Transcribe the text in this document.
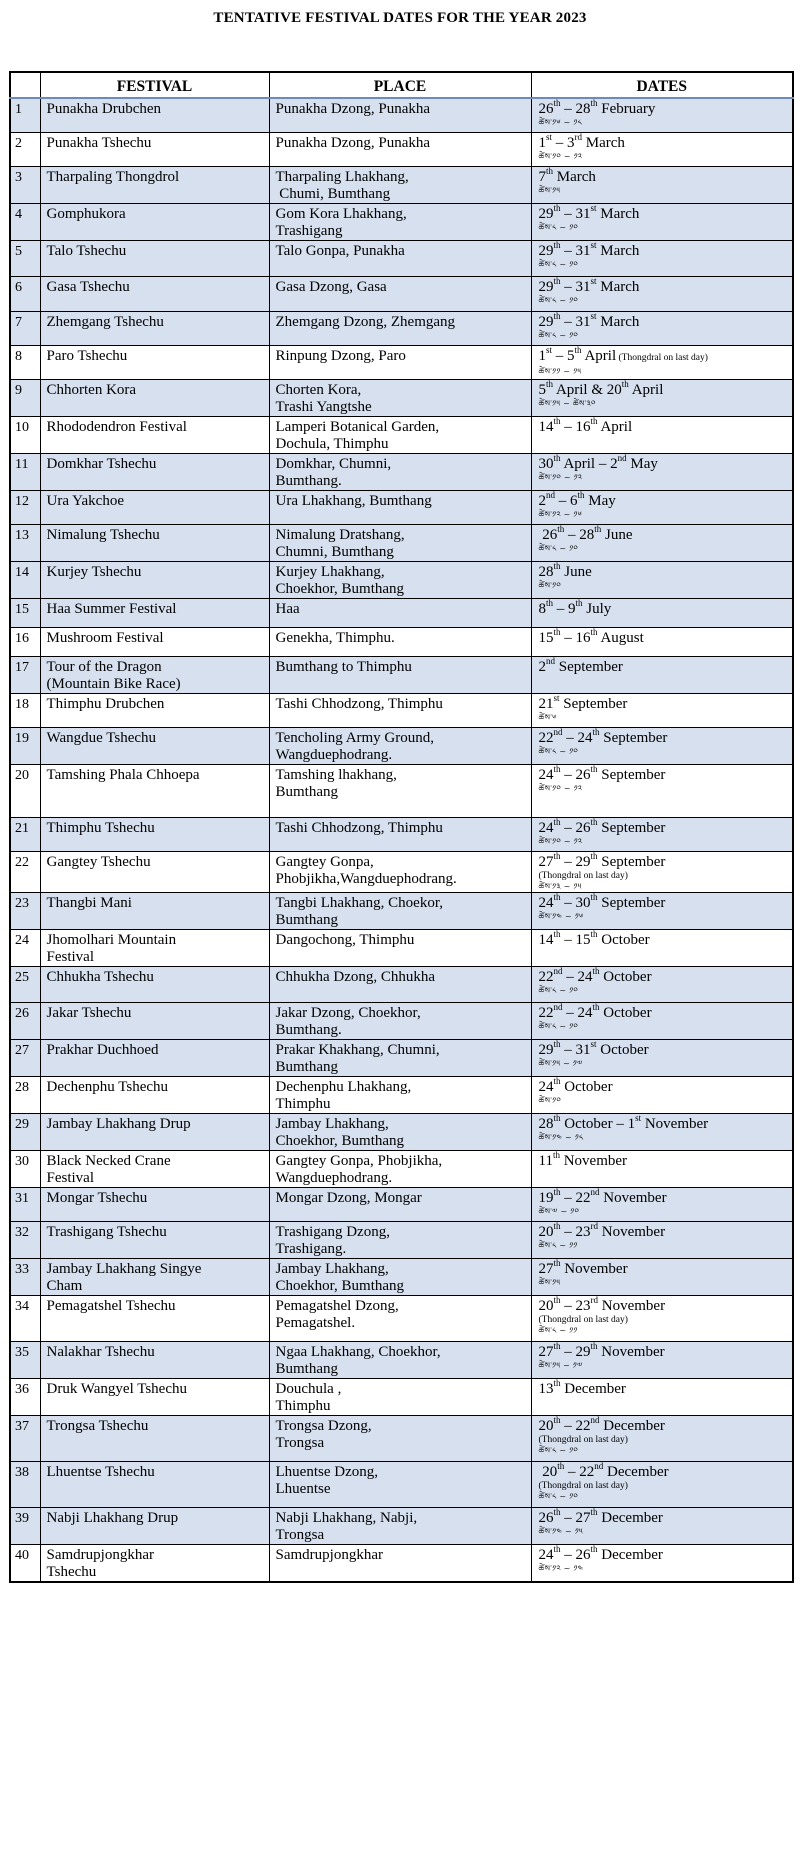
TENTATIVE FESTIVAL DATES FOR THE YEAR 2023
	FESTIVAL	PLACE	DATES
1	Punakha Drubchen	Punakha Dzong, Punakha	26th – 28th February
ཚེས་༡༦ ~ ༡༨

2	Punakha Tshechu	Punakha Dzong, Punakha	1st – 3rd March
ཚེས་༡༠ ~ ༡༢

3	Tharpaling Thongdrol	Tharpaling Lhakhang,
Chumi, Bumthang	7th March
ཚེས་༡༥

4	Gomphukora	Gom Kora Lhakhang,
Trashigang	29th – 31st March
ཚེས་༨ ~ ༡༠

5	Talo Tshechu	Talo Gonpa, Punakha	29th – 31st March
ཚེས་༨ ~ ༡༠

6	Gasa Tshechu	Gasa Dzong, Gasa	29th – 31st March
ཚེས་༨ ~ ༡༠

7	Zhemgang Tshechu	Zhemgang Dzong, Zhemgang	29th – 31st March
ཚེས་༨ ~ ༡༠

8	Paro Tshechu	Rinpung Dzong, Paro	1st – 5th April (Thongdral on last day)
ཚེས་༡༡ ~ ༡༥

9	Chhorten Kora	Chorten Kora,
Trashi Yangtshe	5th April & 20th April
ཚེས་༡༥ ~ ཚེས་༣༠

10	Rhododendron Festival	Lamperi Botanical Garden,
Dochula, Thimphu	14th – 16th April

11	Domkhar Tshechu	Domkhar, Chumni,
Bumthang.	30th April – 2nd May
ཚེས་༡༠ ~ ༡༢

12	Ura Yakchoe	Ura Lhakhang, Bumthang	2nd – 6th May
ཚེས་༡༢ ~ ༡༦

13	Nimalung Tshechu	Nimalung Dratshang,
Chumni, Bumthang	26th – 28th June
ཚེས་༨ ~ ༡༠

14	Kurjey Tshechu	Kurjey Lhakhang,
Choekhor, Bumthang	28th June
ཚེས་༡༠

15	Haa Summer Festival	Haa	8th – 9th July

16	Mushroom Festival	Genekha, Thimphu.	15th – 16th August

17	Tour of the Dragon
(Mountain Bike Race)	Bumthang to Thimphu	2nd September

18	Thimphu Drubchen	Tashi Chhodzong, Thimphu	21st September
ཚེས་༦

19	Wangdue Tshechu	Tencholing Army Ground,
Wangduephodrang.	22nd – 24th September
ཚེས་༨ ~ ༡༠

20	Tamshing Phala Chhoepa	Tamshing lhakhang,
Bumthang	24th – 26th September
ཚེས་༡༠ ~ ༡༢

21	Thimphu Tshechu	Tashi Chhodzong, Thimphu	24th – 26th September
ཚེས་༡༠ ~ ༡༢

22	Gangtey Tshechu	Gangtey Gonpa,
Phobjikha,Wangduephodrang.	27th – 29th September
(Thongdral on last day)
ཚེས་༡༣ ~ ༡༥

23	Thangbi Mani	Tangbi Lhakhang, Choekor,
Bumthang	24th – 30th September
ཚེས་༡༤ ~ ༡༦

24	Jhomolhari Mountain
Festival	Dangochong, Thimphu	14th – 15th October

25	Chhukha Tshechu	Chhukha Dzong, Chhukha	22nd – 24th October
ཚེས་༨ ~ ༡༠

26	Jakar Tshechu	Jakar Dzong, Choekhor,
Bumthang.	22nd – 24th October
ཚེས་༨ ~ ༡༠

27	Prakhar Duchhoed	Prakar Khakhang, Chumni,
Bumthang	29th – 31st October
ཚེས་༡༥ ~ ༡༧

28	Dechenphu Tshechu	Dechenphu Lhakhang,
Thimphu	24th October
ཚེས་༡༠

29	Jambay Lhakhang Drup	Jambay Lhakhang,
Choekhor, Bumthang	28th October – 1st November
ཚེས་༡༤ ~ ༡༨

30	Black Necked Crane
Festival	Gangtey Gonpa, Phobjikha,
Wangduephodrang.	11th November

31	Mongar Tshechu	Mongar Dzong, Mongar	19th – 22nd November
ཚེས་༧ ~ ༡༠

32	Trashigang Tshechu	Trashigang Dzong,
Trashigang.	20th – 23rd November
ཚེས་༨ ~ ༡༡

33	Jambay Lhakhang Singye
Cham	Jambay Lhakhang,
Choekhor, Bumthang	27th November
ཚེས་༡༥

34	Pemagatshel Tshechu	Pemagatshel Dzong,
Pemagatshel.	20th – 23rd November
(Thongdral on last day)
ཚེས་༨ ~ ༡༡

35	Nalakhar Tshechu	Ngaa Lhakhang, Choekhor,
Bumthang	27th – 29th November
ཚེས་༡༥ ~ ༡༧

36	Druk Wangyel Tshechu	Douchula ,
Thimphu	13th December

37	Trongsa Tshechu	Trongsa Dzong,
Trongsa	20th – 22nd December
(Thongdral on last day)
ཚེས་༨ ~ ༡༠

38	Lhuentse Tshechu	Lhuentse Dzong,
Lhuentse	20th – 22nd December
(Thongdral on last day)
ཚེས་༨ ~ ༡༠

39	Nabji Lhakhang Drup	Nabji Lhakhang, Nabji,
Trongsa	26th – 27th December
ཚེས་༡༤ ~ ༡༥

40	Samdrupjongkhar
Tshechu	Samdrupjongkhar	24th – 26th December
ཚེས་༡༢ ~ ༡༤
